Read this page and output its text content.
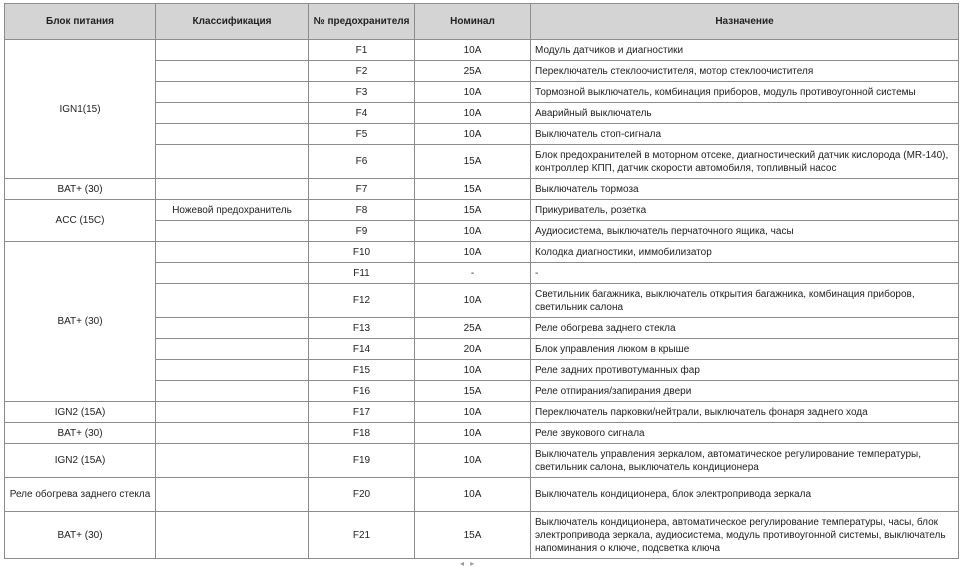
Блок питания	Классификация	№ предохранителя	Номинал	Назначение
IGN1(15)		F1	10A	Модуль датчиков и диагностики
		F2	25A	Переключатель стеклоочистителя, мотор стеклоочистителя
		F3	10A	Тормозной выключатель, комбинация приборов, модуль противоугонной системы
		F4	10A	Аварийный выключатель
		F5	10A	Выключатель стоп-сигнала
		F6	15A	Блок предохранителей в моторном отсеке, диагностический датчик кислорода (MR-140), контроллер КПП, датчик скорости автомобиля, топливный насос
BAT+ (30)		F7	15A	Выключатель тормоза
ACC (15C)	Ножевой предохранитель	F8	15A	Прикуриватель, розетка
		F9	10A	Аудиосистема, выключатель перчаточного ящика, часы
BAT+ (30)		F10	10A	Колодка диагностики, иммобилизатор
		F11	-	-
		F12	10A	Светильник багажника, выключатель открытия багажника, комбинация приборов, светильник салона
		F13	25A	Реле обогрева заднего стекла
		F14	20A	Блок управления люком в крыше
		F15	10A	Реле задних противотуманных фар
		F16	15A	Реле отпирания/запирания двери
IGN2 (15A)		F17	10A	Переключатель парковки/нейтрали, выключатель фонаря заднего хода
BAT+ (30)		F18	10A	Реле звукового сигнала
IGN2 (15A)		F19	10A	Выключатель управления зеркалом, автоматическое регулирование температуры, светильник салона, выключатель кондиционера
Реле обогрева заднего стекла		F20	10A	Выключатель кондиционера, блок электропривода зеркала
BAT+ (30)		F21	15A	Выключатель кондиционера, автоматическое регулирование температуры, часы, блок электропривода зеркала, аудиосистема, модуль противоугонной системы, выключатель напоминания о ключе, подсветка ключа
◂ ▸
